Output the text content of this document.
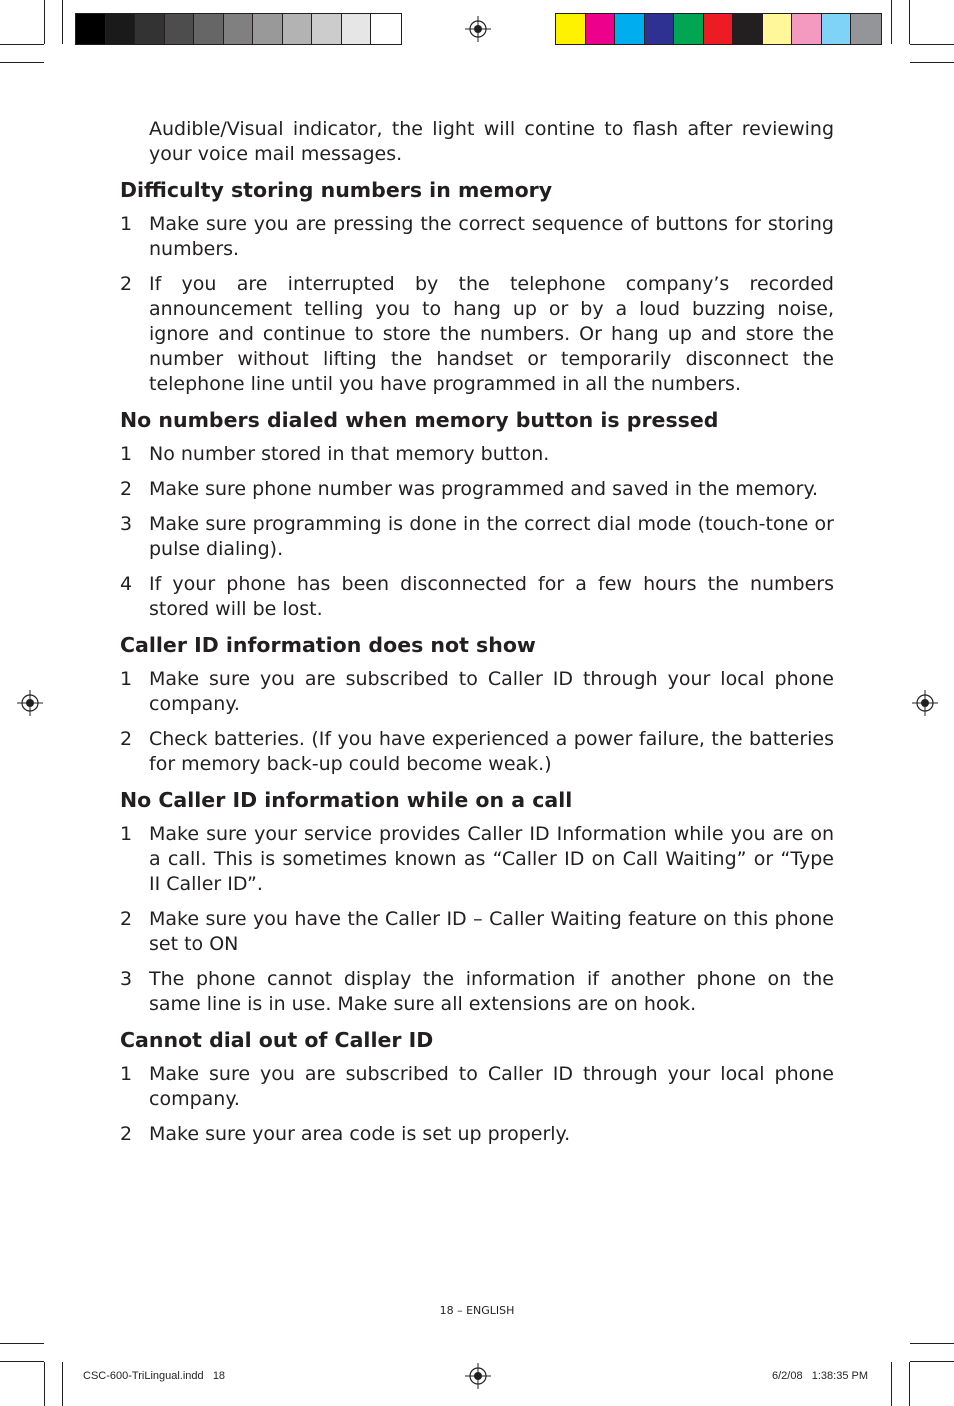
Audible/Visual indicator, the light will contine to flash after reviewing your voice mail messages.

Difficulty storing numbers in memory
1 Make sure you are pressing the correct sequence of buttons for storing numbers.
2 If you are interrupted by the telephone company’s recorded announcement telling you to hang up or by a loud buzzing noise, ignore and continue to store the numbers. Or hang up and store the number without lifting the handset or temporarily disconnect the telephone line until you have programmed in all the numbers.
No numbers dialed when memory button is pressed
1 No number stored in that memory button.
2 Make sure phone number was programmed and saved in the memory.
3 Make sure programming is done in the correct dial mode (touch-tone or pulse dialing).
4 If your phone has been disconnected for a few hours the numbers stored will be lost.
Caller ID information does not show
1 Make sure you are subscribed to Caller ID through your local phone company.
2 Check batteries. (If you have experienced a power failure, the batteries for memory back-up could become weak.)
No Caller ID information while on a call
1 Make sure your service provides Caller ID Information while you are on a call. This is sometimes known as “Caller ID on Call Waiting” or “Type II Caller ID”.
2 Make sure you have the Caller ID – Caller Waiting feature on this phone set to ON
3 The phone cannot display the information if another phone on the same line is in use. Make sure all extensions are on hook.
Cannot dial out of Caller ID
1 Make sure you are subscribed to Caller ID through your local phone company.
2 Make sure your area code is set up properly.
18 – ENGLISH
CSC-600-TriLingual.indd   18	6/2/08   1:38:35 PM
